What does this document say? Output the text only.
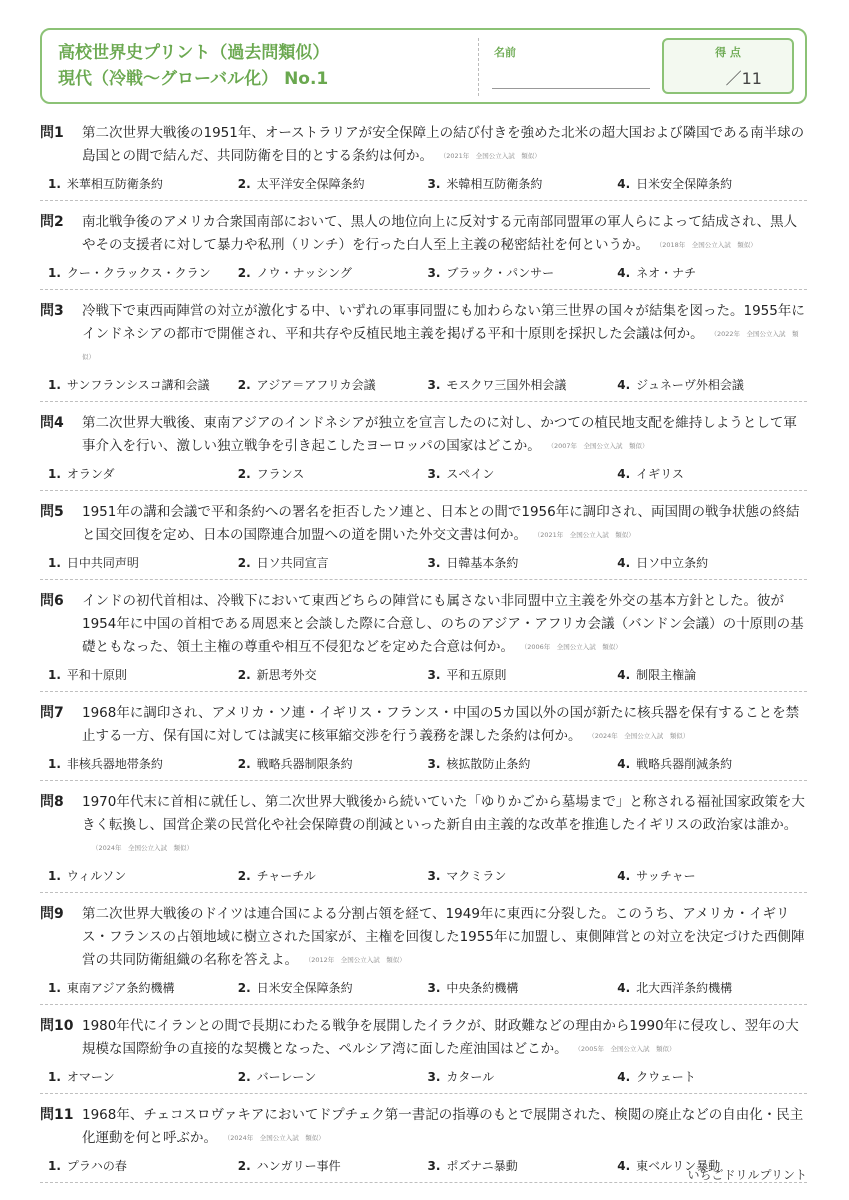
高校世界史プリント（過去問類似）
現代（冷戦〜グローバル化） No.1
名前	得 点
／11
問1	第二次世界大戦後の1951年、オーストラリアが安全保障上の結び付きを強めた北米の超大国および隣国である南半球の島国との間で結んだ、共同防衛を目的とする条約は何か。 （2021年　全国公立入試　類似）
1. 米華相互防衛条約	2. 太平洋安全保障条約	3. 米韓相互防衛条約	4. 日米安全保障条約
問2	南北戦争後のアメリカ合衆国南部において、黒人の地位向上に反対する元南部同盟軍の軍人らによって結成され、黒人やその支援者に対して暴力や私刑（リンチ）を行った白人至上主義の秘密結社を何というか。 （2018年　全国公立入試　類似）
1. クー・クラックス・クラン	2. ノウ・ナッシング	3. ブラック・パンサー	4. ネオ・ナチ
問3	冷戦下で東西両陣営の対立が激化する中、いずれの軍事同盟にも加わらない第三世界の国々が結集を図った。1955年にインドネシアの都市で開催され、平和共存や反植民地主義を掲げる平和十原則を採択した会議は何か。 （2022年　全国公立入試　類似）
1. サンフランシスコ講和会議	2. アジア＝アフリカ会議	3. モスクワ三国外相会議	4. ジュネーヴ外相会議
問4	第二次世界大戦後、東南アジアのインドネシアが独立を宣言したのに対し、かつての植民地支配を維持しようとして軍事介入を行い、激しい独立戦争を引き起こしたヨーロッパの国家はどこか。 （2007年　全国公立入試　類似）
1. オランダ	2. フランス	3. スペイン	4. イギリス
問5	1951年の講和会議で平和条約への署名を拒否したソ連と、日本との間で1956年に調印され、両国間の戦争状態の終結と国交回復を定め、日本の国際連合加盟への道を開いた外交文書は何か。 （2021年　全国公立入試　類似）
1. 日中共同声明	2. 日ソ共同宣言	3. 日韓基本条約	4. 日ソ中立条約
問6	インドの初代首相は、冷戦下において東西どちらの陣営にも属さない非同盟中立主義を外交の基本方針とした。彼が1954年に中国の首相である周恩来と会談した際に合意し、のちのアジア・アフリカ会議（バンドン会議）の十原則の基礎ともなった、領土主権の尊重や相互不侵犯などを定めた合意は何か。 （2006年　全国公立入試　類似）
1. 平和十原則	2. 新思考外交	3. 平和五原則	4. 制限主権論
問7	1968年に調印され、アメリカ・ソ連・イギリス・フランス・中国の5カ国以外の国が新たに核兵器を保有することを禁止する一方、保有国に対しては誠実に核軍縮交渉を行う義務を課した条約は何か。 （2024年　全国公立入試　類似）
1. 非核兵器地帯条約	2. 戦略兵器制限条約	3. 核拡散防止条約	4. 戦略兵器削減条約
問8	1970年代末に首相に就任し、第二次世界大戦後から続いていた「ゆりかごから墓場まで」と称される福祉国家政策を大きく転換し、国営企業の民営化や社会保障費の削減といった新自由主義的な改革を推進したイギリスの政治家は誰か。（2024年　全国公立入試　類似）
1. ウィルソン	2. チャーチル	3. マクミラン	4. サッチャー
問9	第二次世界大戦後のドイツは連合国による分割占領を経て、1949年に東西に分裂した。このうち、アメリカ・イギリス・フランスの占領地域に樹立された国家が、主権を回復した1955年に加盟し、東側陣営との対立を決定づけた西側陣営の共同防衛組織の名称を答えよ。 （2012年　全国公立入試　類似）
1. 東南アジア条約機構	2. 日米安全保障条約	3. 中央条約機構	4. 北大西洋条約機構
問10 1980年代にイランとの間で長期にわたる戦争を展開したイラクが、財政難などの理由から1990年に侵攻し、翌年の大規模な国際紛争の直接的な契機となった、ペルシア湾に面した産油国はどこか。 （2005年　全国公立入試　類似）
1. オマーン	2. バーレーン	3. カタール	4. クウェート
問11 1968年、チェコスロヴァキアにおいてドプチェク第一書記の指導のもとで展開された、検閲の廃止などの自由化・民主化運動を何と呼ぶか。 （2024年　全国公立入試　類似）
1. プラハの春	2. ハンガリー事件	3. ポズナニ暴動	4. 東ベルリン暴動
いちごドリルプリント
